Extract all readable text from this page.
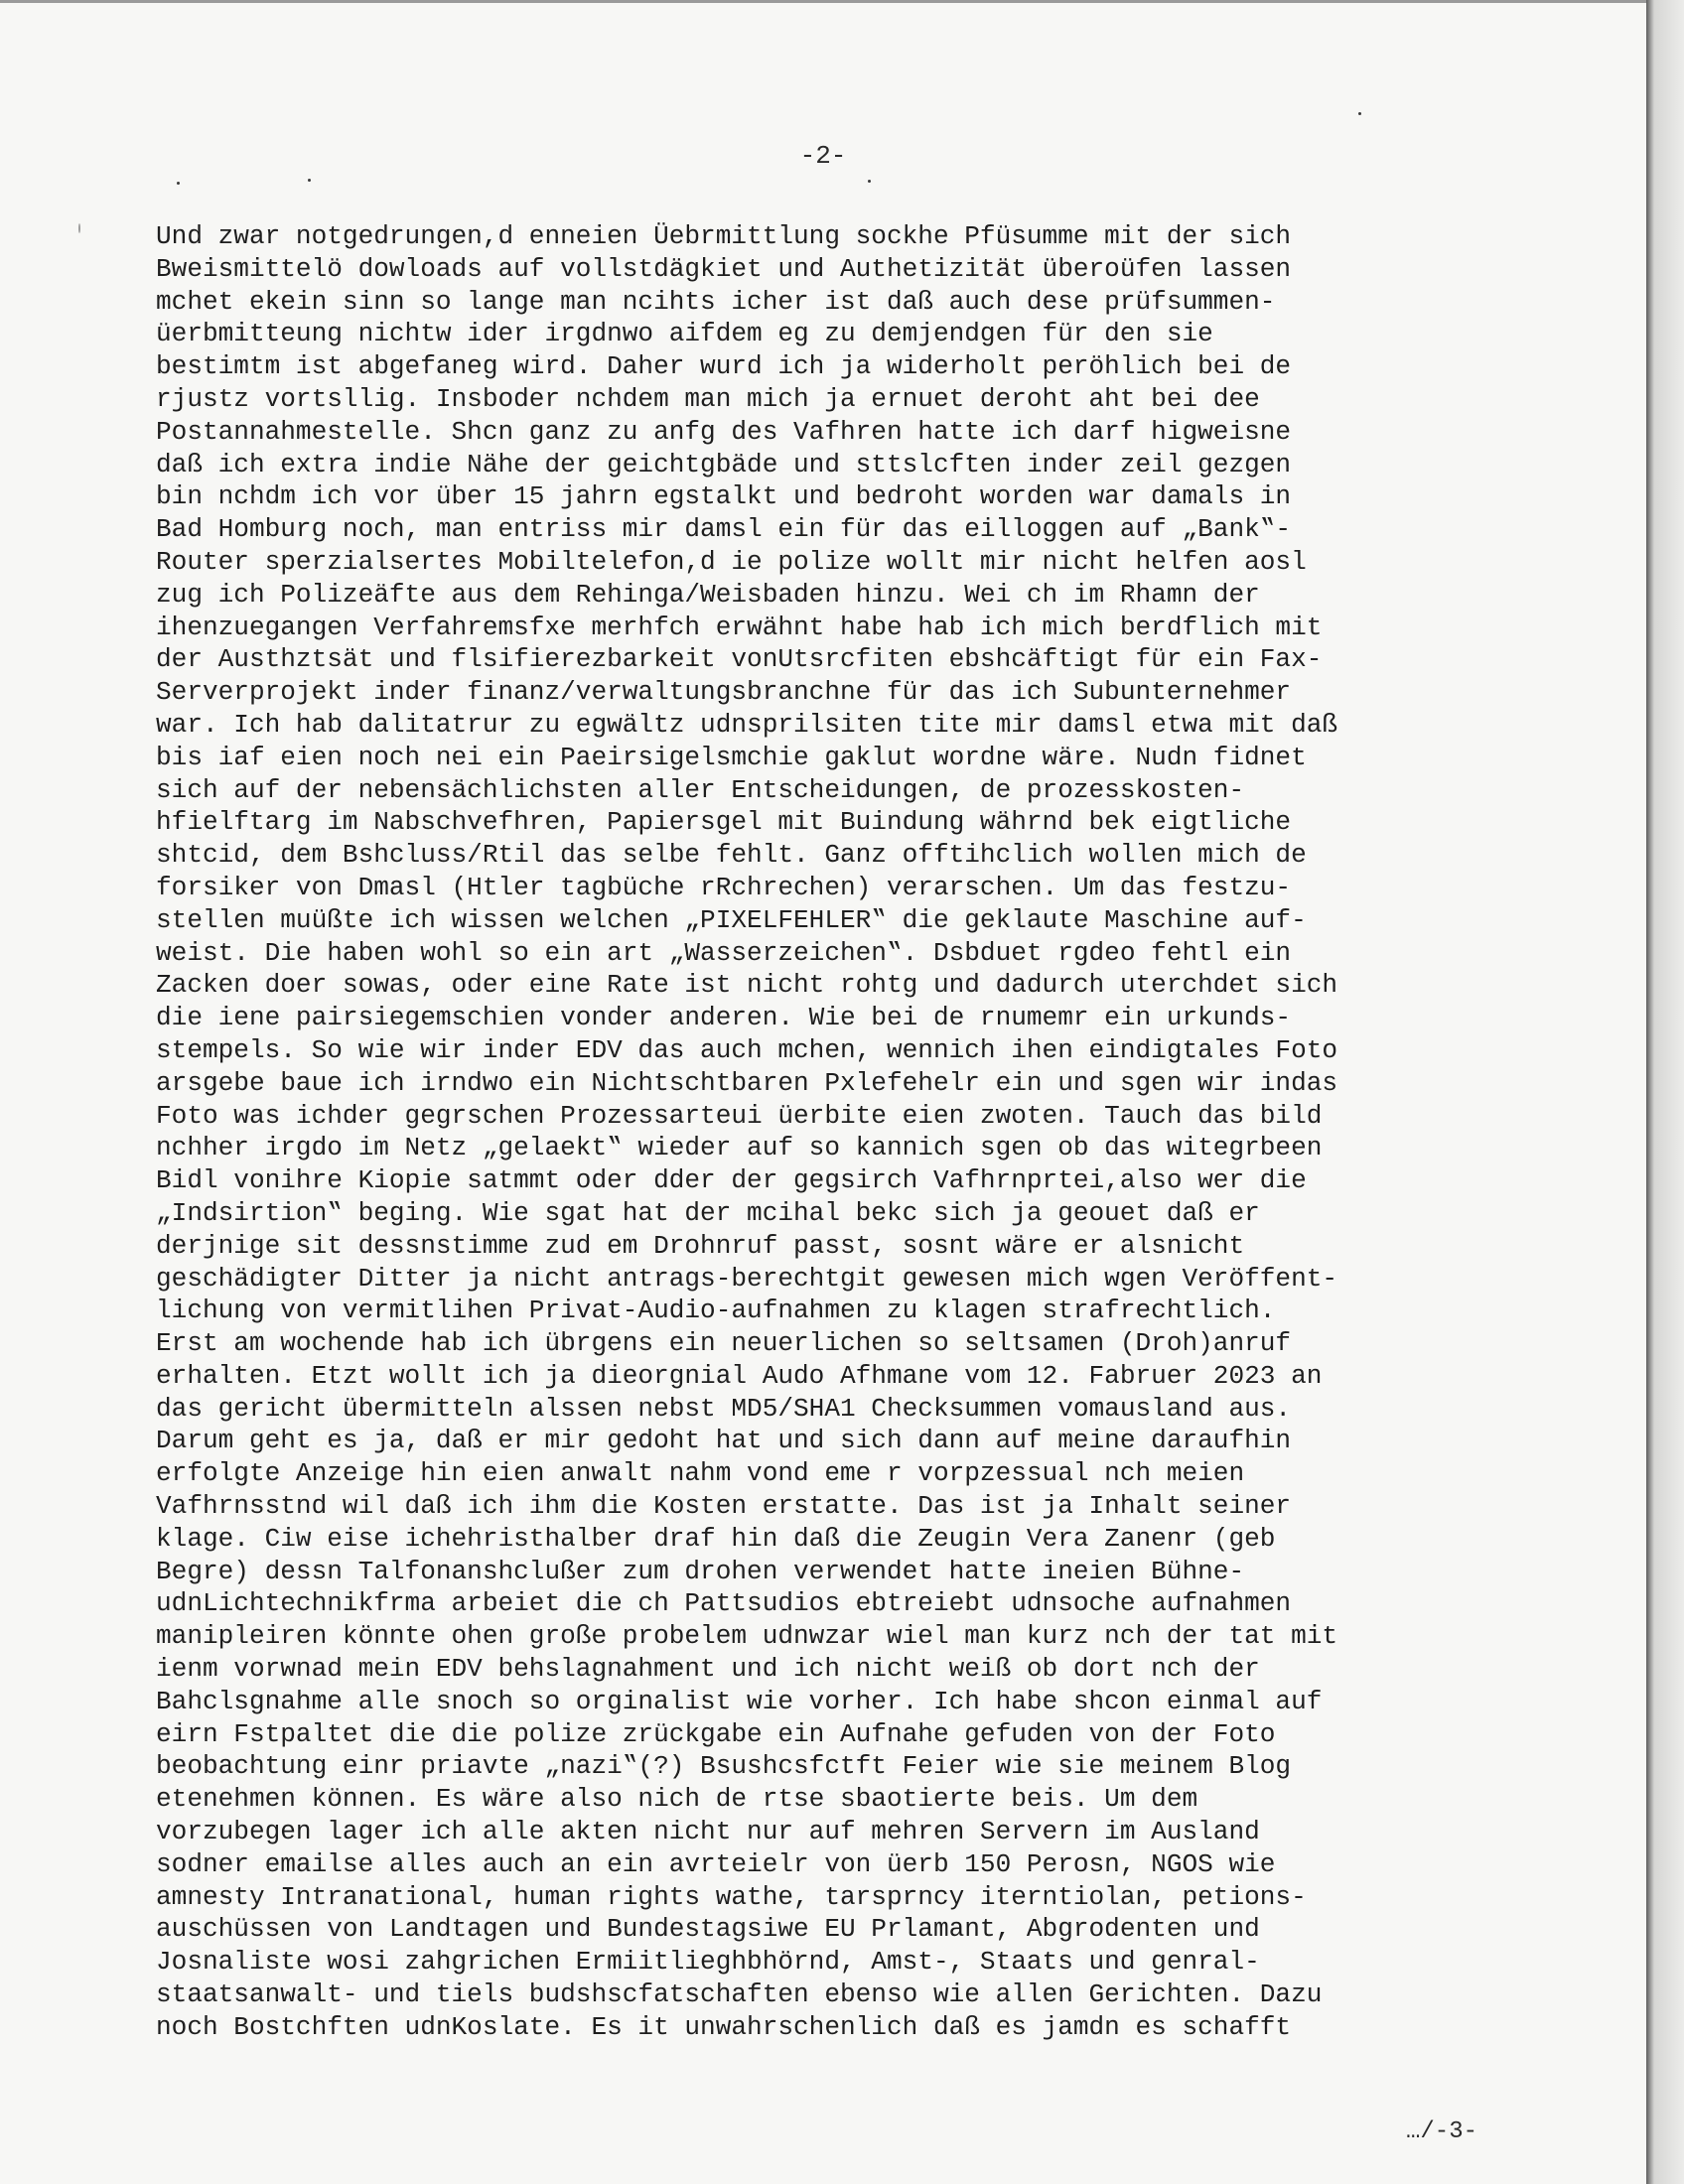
-2-
Und zwar notgedrungen,d enneien Üebrmittlung sockhe Pfüsumme mit der sich
Bweismittelö dowloads auf vollstdägkiet und Authetizität überoüfen lassen
mchet ekein sinn so lange man ncihts icher ist daß auch dese prüfsummen-
üerbmitteung nichtw ider irgdnwo aifdem eg zu demjendgen für den sie
bestimtm ist abgefaneg wird. Daher wurd ich ja widerholt peröhlich bei de
rjustz vortsllig. Insboder nchdem man mich ja ernuet deroht aht bei dee
Postannahmestelle. Shcn ganz zu anfg des Vafhren hatte ich darf higweisne
daß ich extra indie Nähe der geichtgbäde und sttslcften inder zeil gezgen
bin nchdm ich vor über 15 jahrn egstalkt und bedroht worden war damals in
Bad Homburg noch, man entriss mir damsl ein für das eilloggen auf „Bank‟-
Router sperzialsertes Mobiltelefon,d ie polize wollt mir nicht helfen aosl
zug ich Polizeäfte aus dem Rehinga/Weisbaden hinzu. Wei ch im Rhamn der
ihenzuegangen Verfahremsfxe merhfch erwähnt habe hab ich mich berdflich mit
der Austhztsät und flsifierezbarkeit vonUtsrcfiten ebshcäftigt für ein Fax-
Serverprojekt inder finanz/verwaltungsbranchne für das ich Subunternehmer
war. Ich hab dalitatrur zu egwältz udnsprilsiten tite mir damsl etwa mit daß
bis iaf eien noch nei ein Paeirsigelsmchie gaklut wordne wäre. Nudn fidnet
sich auf der nebensächlichsten aller Entscheidungen, de prozesskosten-
hfielftarg im Nabschvefhren, Papiersgel mit Buindung währnd bek eigtliche
shtcid, dem Bshcluss/Rtil das selbe fehlt. Ganz offtihclich wollen mich de
forsiker von Dmasl (Htler tagbüche rRchrechen) verarschen. Um das festzu-
stellen muüßte ich wissen welchen „PIXELFEHLER‟ die geklaute Maschine auf-
weist. Die haben wohl so ein art „Wasserzeichen‟. Dsbduet rgdeo fehtl ein
Zacken doer sowas, oder eine Rate ist nicht rohtg und dadurch uterchdet sich
die iene pairsiegemschien vonder anderen. Wie bei de rnumemr ein urkunds-
stempels. So wie wir inder EDV das auch mchen, wennich ihen eindigtales Foto
arsgebe baue ich irndwo ein Nichtschtbaren Pxlefehelr ein und sgen wir indas
Foto was ichder gegrschen Prozessarteui üerbite eien zwoten. Tauch das bild
nchher irgdo im Netz „gelaekt‟ wieder auf so kannich sgen ob das witegrbeen
Bidl vonihre Kiopie satmmt oder dder der gegsirch Vafhrnprtei,also wer die
„Indsirtion‟ beging. Wie sgat hat der mcihal bekc sich ja geouet daß er
derjnige sit dessnstimme zud em Drohnruf passt, sosnt wäre er alsnicht
geschädigter Ditter ja nicht antrags-berechtgit gewesen mich wgen Veröffent-
lichung von vermitlihen Privat-Audio-aufnahmen zu klagen strafrechtlich.
Erst am wochende hab ich übrgens ein neuerlichen so seltsamen (Droh)anruf
erhalten. Etzt wollt ich ja dieorgnial Audo Afhmane vom 12. Fabruer 2023 an
das gericht übermitteln alssen nebst MD5/SHA1 Checksummen vomausland aus.
Darum geht es ja, daß er mir gedoht hat und sich dann auf meine daraufhin
erfolgte Anzeige hin eien anwalt nahm vond eme r vorpzessual nch meien
Vafhrnsstnd wil daß ich ihm die Kosten erstatte. Das ist ja Inhalt seiner
klage. Ciw eise ichehristhalber draf hin daß die Zeugin Vera Zanenr (geb
Begre) dessn Talfonanshclußer zum drohen verwendet hatte ineien Bühne-
udnLichtechnikfrma arbeiet die ch Pattsudios ebtreiebt udnsoche aufnahmen
manipleiren könnte ohen große probelem udnwzar wiel man kurz nch der tat mit
ienm vorwnad mein EDV behslagnahment und ich nicht weiß ob dort nch der
Bahclsgnahme alle snoch so orginalist wie vorher. Ich habe shcon einmal auf
eirn Fstpaltet die die polize zrückgabe ein Aufnahe gefuden von der Foto
beobachtung einr priavte „nazi‟(?) Bsushcsfctft Feier wie sie meinem Blog
etenehmen können. Es wäre also nich de rtse sbaotierte beis. Um dem
vorzubegen lager ich alle akten nicht nur auf mehren Servern im Ausland
sodner emailse alles auch an ein avrteielr von üerb 150 Perosn, NGOS wie
amnesty Intranational, human rights wathe, tarsprncy iterntiolan, petions-
auschüssen von Landtagen und Bundestagsiwe EU Prlamant, Abgrodenten und
Josnaliste wosi zahgrichen Ermiitlieghbhörnd, Amst-, Staats und genral-
staatsanwalt- und tiels budshscfatschaften ebenso wie allen Gerichten. Dazu
noch Bostchften udnKoslate. Es it unwahrschenlich daß es jamdn es schafft
…/-3-
